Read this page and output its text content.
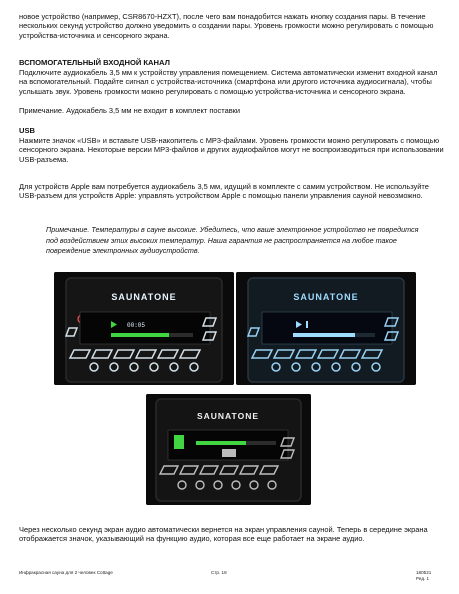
новое устройство (например, CSR8670-HZXT), после чего вам понадобится нажать кнопку создания пары. В течение нескольких секунд устройство должно уведомить о создании пары. Уровень громкости можно регулировать с помощью устройства-источника и сенсорного экрана.

ВСПОМОГАТЕЛЬНЫЙ ВХОДНОЙ КАНАЛ

Подключите аудиокабель 3,5 мм к устройству управления помещением. Система автоматически изменит входной канал на вспомогательный. Подайте сигнал с устройства-источника (смартфона или другого источника аудиосигнала), чтобы услышать звук. Уровень громкости можно регулировать с помощью устройства-источника и сенсорного экрана.

Примечание. Аудокабель 3,5 мм не входит в комплект поставки

USB

Нажмите значок «USB» и вставьте USB-накопитель с MP3-файлами. Уровень громкости можно регулировать с помощью сенсорного экрана. Некоторые версии MP3-файлов и других аудиофайлов могут не воспроизводиться при использовании USB-разъема.

Для устройств Apple вам потребуется аудиокабель 3,5 мм, идущий в комплекте с самим устройством. Не используйте USB-разъем для устройств Apple: управлять устройством Apple с помощью панели управления сауной невозможно.

Примечание. Температуры в сауне высокие. Убедитесь, что ваше электронное устройство не повредится под воздействием этих высоких температур. Наша гарантия не распространяется на любое такое повреждение электронных аудиоустройств.

SAUNATONE
00:05
SAUNATONE
SAUNATONE

Через несколько секунд экран аудио автоматически вернется на экран управления сауной. Теперь в середине экрана отображается значок, указывающий на функцию аудио, которая все еще работает на экране аудио.

Инфракрасная сауна для 2 человек Cottage	Стр. 18	180521
Ред. 1
